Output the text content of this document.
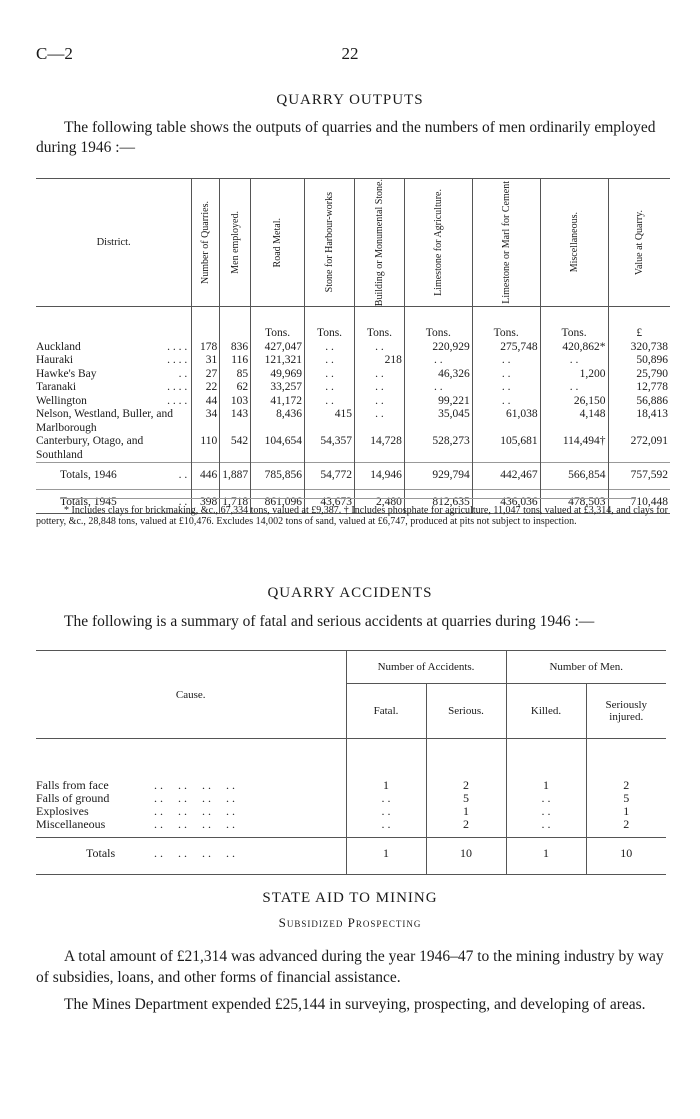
C—2	22
QUARRY OUTPUTS

The following table shows the outputs of quarries and the numbers of men ordinarily employed during 1946 :—

District.		Number of Quarries.	Men employed.	Road Metal.	Stone for Harbour-works	Building or Monumental Stone.	Limestone for Agriculture.	Limestone or Marl for Cement	Miscellaneous.	Value at Quarry.

				Tons.	Tons.	Tons.	Tons.	Tons.	Tons.	£
Auckland	. . . .	178	836	427,047	. .	. .	220,929	275,748	420,862*	320,738
Hauraki	. . . .	31	116	121,321	. .	218	. .	. .	. .	50,896
Hawke's Bay	. .	27	85	49,969	. .	. .	46,326	. .	1,200	25,790
Taranaki	. . . .	22	62	33,257	. .	. .	. .	. .	. .	12,778
Wellington	. . . .	44	103	41,172	. .	. .	99,221	. .	26,150	56,886
Nelson, Westland, Buller, and Marlborough		34	143	8,436	415	. .	35,045	61,038	4,148	18,413
Canterbury, Otago, and Southland		110	542	104,654	54,357	14,728	528,273	105,681	114,494†	272,091
Totals, 1946	. .	446	1,887	785,856	54,772	14,946	929,794	442,467	566,854	757,592
Totals, 1945	. .	398	1,718	861,096	43,673	2,480	812,635	436,036	478,503	710,448

* Includes clays for brickmaking, &c., 67,334 tons, valued at £9,387. † Includes phosphate for agriculture, 11,047 tons, valued at £3,314, and clays for pottery, &c., 28,848 tons, valued at £10,476. Excludes 14,002 tons of sand, valued at £6,747, produced at pits not subject to inspection.

QUARRY ACCIDENTS

The following is a summary of fatal and serious accidents at quarries during 1946 :—

Cause.	Number of Accidents.		Number of Men.	
	Fatal.	Serious.	Killed.	Seriously injured.
Falls from face . .     . .     . .     . .	1	2	1	2
Falls of ground . .     . .     . .     . .	. .	5	. .	5
Explosives . .     . .     . .     . .	. .	1	. .	1
Miscellaneous . .     . .     . .     . .	. .	2	. .	2
Totals . .     . .     . .     . .	1	10	1	10
STATE AID TO MINING
Subsidized Prospecting

A total amount of £21,314 was advanced during the year 1946–47 to the mining industry by way of subsidies, loans, and other forms of financial assistance.

The Mines Department expended £25,144 in surveying, prospecting, and developing of areas.
